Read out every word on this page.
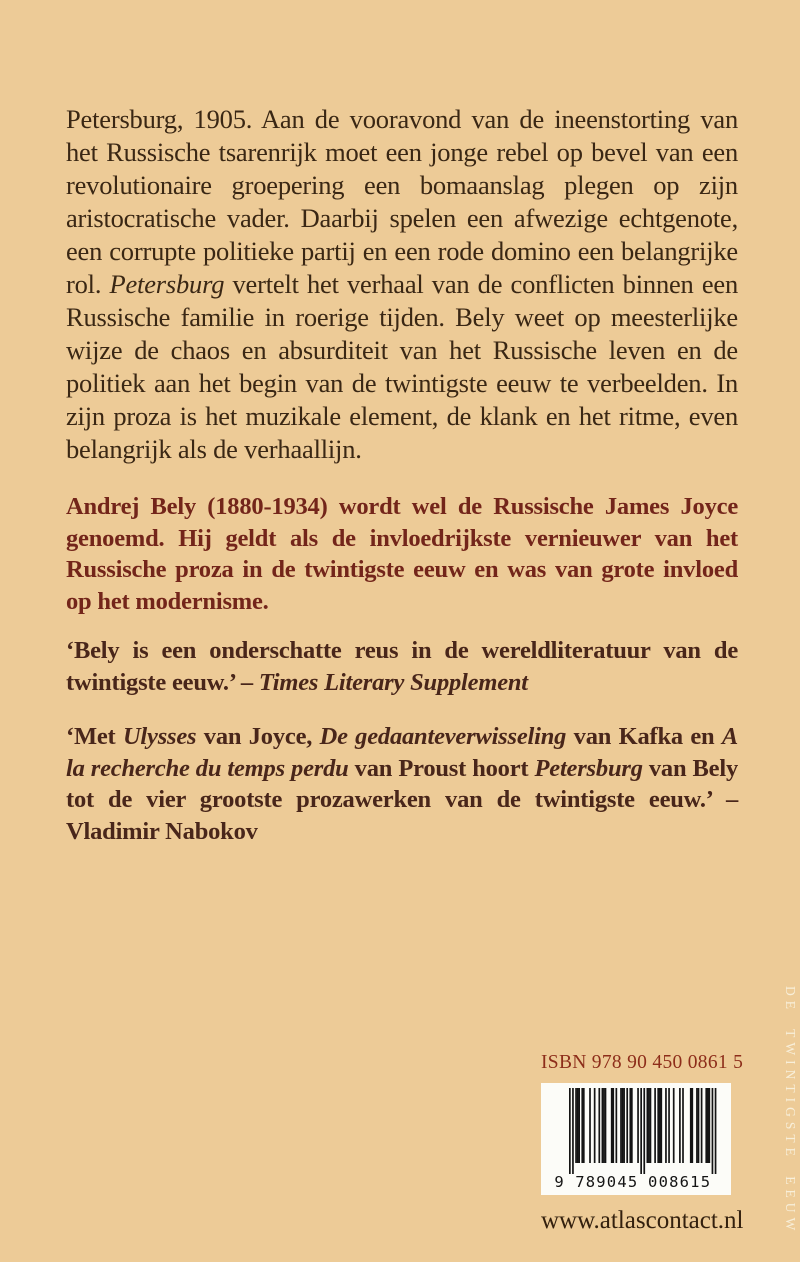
Petersburg, 1905. Aan de vooravond van de ineenstorting van het Russische tsarenrijk moet een jonge rebel op bevel van een revolutionaire groepering een bomaanslag plegen op zijn aristocratische vader. Daarbij spelen een afwezige echtgenote, een corrupte politieke partij en een rode domino een belangrijke rol. Petersburg vertelt het verhaal van de conflicten binnen een Russische familie in roerige tijden. Bely weet op meesterlijke wijze de chaos en absurditeit van het Russische leven en de politiek aan het begin van de twintigste eeuw te verbeelden. In zijn proza is het muzikale element, de klank en het ritme, even belangrijk als de verhaallijn.

Andrej Bely (1880-1934) wordt wel de Russische James Joyce genoemd. Hij geldt als de invloedrijkste vernieuwer van het Russische proza in de twintigste eeuw en was van grote invloed op het modernisme.

‘Bely is een onderschatte reus in de wereldliteratuur van de twintigste eeuw.’ – Times Literary Supplement

‘Met Ulysses van Joyce, De gedaanteverwisseling van Kafka en A la recherche du temps perdu van Proust hoort Petersburg van Bely tot de vier grootste prozawerken van de twintigste eeuw.’ – Vladimir Nabokov

ISBN 978 90 450 0861 5
9 789045 008615
www.atlascontact.nl	DE TWINTIGSTE EEUW
